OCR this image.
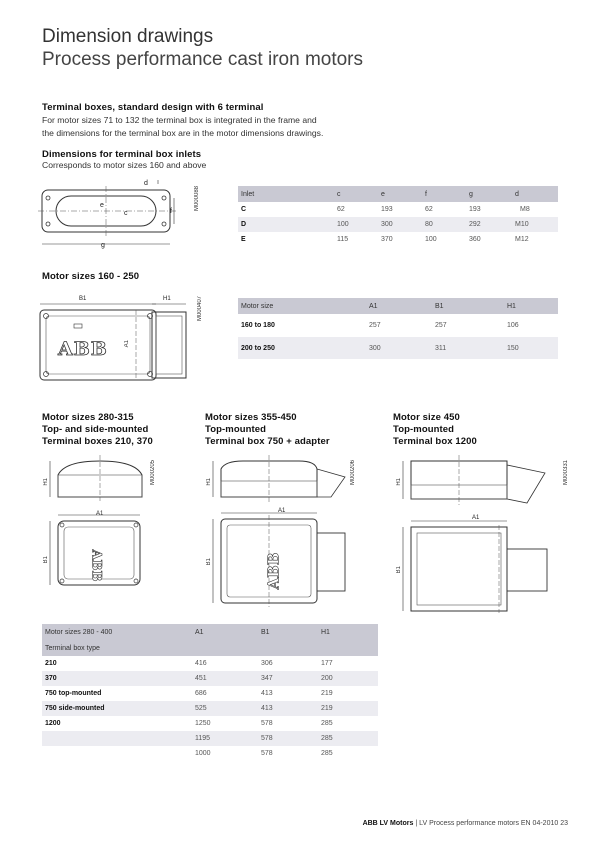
Dimension drawings
Process performance cast iron motors
Terminal boxes, standard design with 6 terminal
For motor sizes 71 to 132 the terminal box is integrated in the frame and
the dimensions for the terminal box are in the motor dimensions drawings.
Dimensions for terminal box inlets
Corresponds to motor sizes 160 and above
d
e
c	f
g
M000088	Inlet	c	e	f	g	d
C	62	193	62	193	M8
D	100	300	80	292	M10
E	115	370	100	360	M12
Motor sizes 160 - 250
B1	H1
A1
ABB
M000407	Motor size	A1	B1	H1
160 to 180	257	257	106
200 to 250	300	311	150
Motor sizes 280-315
Top- and side-mounted
Terminal boxes 210, 370
Motor sizes 355-450
Top-mounted
Terminal box 750 + adapter
Motor size 450
Top-mounted
Terminal box 1200
H1
A1
B1	ABB
M000205	H1
A1
B1	ABB
M000206	H1
A1
B1
M000331
Motor sizes 280 - 400	A1	B1	H1
Terminal box type			
210	416	306	177
370	451	347	200
750 top-mounted	686	413	219
750 side-mounted	525	413	219
1200	1250	578	285
	1195	578	285
	1000	578	285
ABB LV Motors | LV Process performance motors EN 04-2010 23
